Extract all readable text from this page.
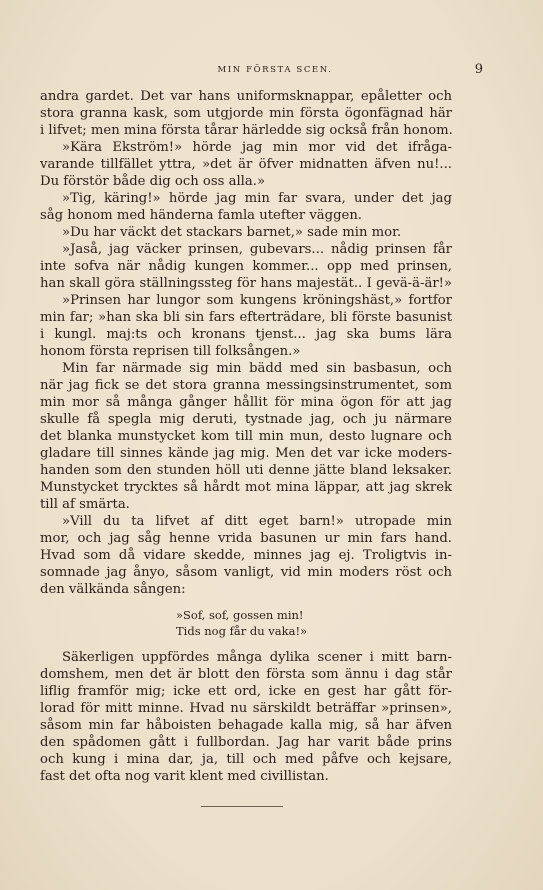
MIN FÖRSTA SCEN.	9
andra gardet. Det var hans uniformsknappar, epåletter och
stora granna kask, som utgjorde min första ögonfägnad här
i lifvet; men mina första tårar härledde sig också från honom.
»Kära Ekström!» hörde jag min mor vid det ifråga-
varande tillfället yttra, »det är öfver midnatten äfven nu!...
Du förstör både dig och oss alla.»
»Tig, käring!» hörde jag min far svara, under det jag
såg honom med händerna famla utefter väggen.
»Du har väckt det stackars barnet,» sade min mor.
»Jaså, jag väcker prinsen, gubevars... nådig prinsen får
inte sofva när nådig kungen kommer... opp med prinsen,
han skall göra ställningssteg för hans majestät.. I gevä-ä-är!»
»Prinsen har lungor som kungens kröningshäst,» fortfor
min far; »han ska bli sin fars efterträdare, bli förste basunist
i kungl. maj:ts och kronans tjenst... jag ska bums lära
honom första reprisen till folksången.»
Min far närmade sig min bädd med sin basbasun, och
när jag fick se det stora granna messingsinstrumentet, som
min mor så många gånger hållit för mina ögon för att jag
skulle få spegla mig deruti, tystnade jag, och ju närmare
det blanka munstycket kom till min mun, desto lugnare och
gladare till sinnes kände jag mig. Men det var icke moders-
handen som den stunden höll uti denne jätte bland leksaker.
Munstycket trycktes så hårdt mot mina läppar, att jag skrek
till af smärta.
»Vill du ta lifvet af ditt eget barn!» utropade min
mor, och jag såg henne vrida basunen ur min fars hand.
Hvad som då vidare skedde, minnes jag ej. Troligtvis in-
somnade jag ånyo, såsom vanligt, vid min moders röst och
den välkända sången:
»Sof, sof, gossen min!
Tids nog får du vaka!»
Säkerligen uppfördes många dylika scener i mitt barn-
domshem, men det är blott den första som ännu i dag står
liflig framför mig; icke ett ord, icke en gest har gått för-
lorad för mitt minne. Hvad nu särskildt beträffar »prinsen»,
såsom min far håboisten behagade kalla mig, så har äfven
den spådomen gått i fullbordan. Jag har varit både prins
och kung i mina dar, ja, till och med påfve och kejsare,
fast det ofta nog varit klent med civillistan.
